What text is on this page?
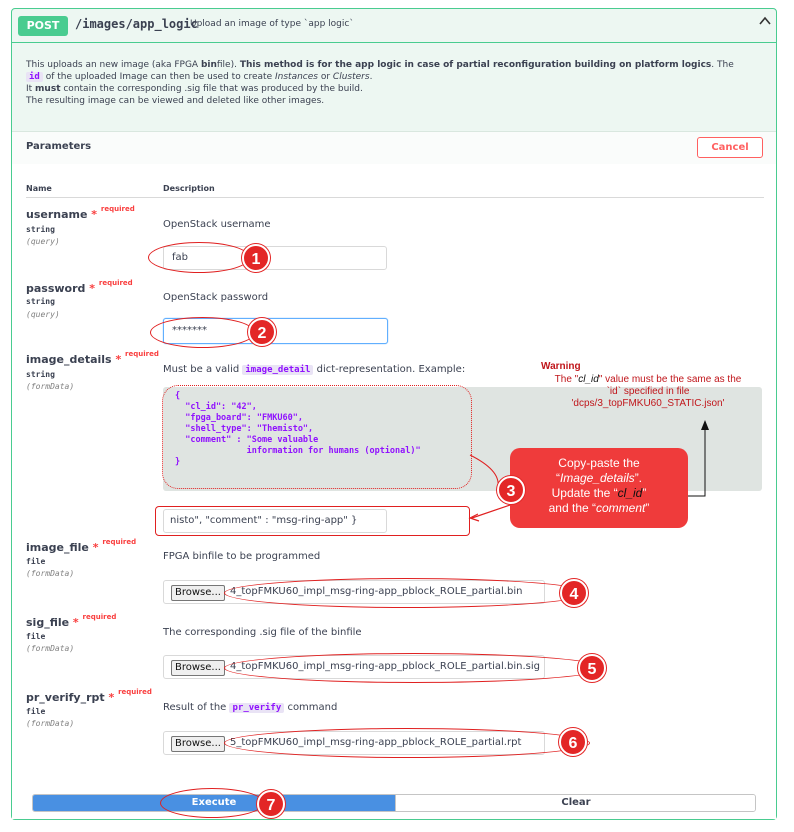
POST	/images/app_logic
Upload an image of type `app logic`
This uploads an new image (aka FPGA binfile). This method is for the app logic in case of partial reconfiguration building on platform logics. The
id of the uploaded Image can then be used to create Instances or Clusters.
It must contain the corresponding .sig file that was produced by the build.
The resulting image can be viewed and deleted like other images.
Parameters	Cancel
Name	Description
username * $^{required}$
string
(query)
OpenStack username
fab
password * $^{required}$
string
(query)
OpenStack password
*******
image_details * $^{required}$
string
(formData)
Must be a valid image_detail dict-representation. Example:
{
"cl_id": "42",
"fpga_board": "FMKU60",
"shell_type": "Themisto",
"comment" : "Some valuable
information for humans (optional)"
}
nisto", "comment" : "msg-ring-app" }
image_file * $^{required}$
file
(formData)
FPGA binfile to be programmed
Browse... 4_topFMKU60_impl_msg-ring-app_pblock_ROLE_partial.bin
sig_file * $^{required}$
file
(formData)
The corresponding .sig file of the binfile
Browse... 4_topFMKU60_impl_msg-ring-app_pblock_ROLE_partial.bin.sig
pr_verify_rpt * $^{required}$
file
(formData)
Result of the pr_verify command
Browse... 5_topFMKU60_impl_msg-ring-app_pblock_ROLE_partial.rpt
Execute	Clear
1
2
Copy-paste the
“Image_details”.
Update the “cl_id”
and the “comment”
3
Warning
The "cl_id" value must be the same as the `id` specified in file 'dcps/3_topFMKU60_STATIC.json'
4
5
6
7
